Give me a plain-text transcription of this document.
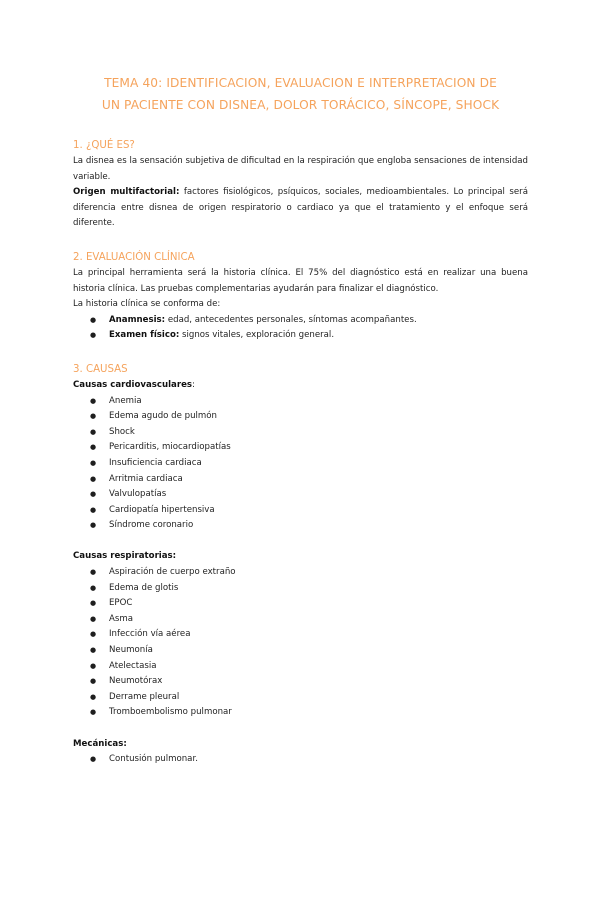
TEMA 40: IDENTIFICACION, EVALUACION E INTERPRETACION DE
UN PACIENTE CON DISNEA, DOLOR TORÁCICO, SÍNCOPE, SHOCK
1. ¿QUÉ ES?

La disnea es la sensación subjetiva de dificultad en la respiración que engloba sensaciones de intensidad variable.

Origen multifactorial: factores fisiológicos, psíquicos, sociales, medioambientales. Lo principal será diferencia entre disnea de origen respiratorio o cardiaco ya que el tratamiento y el enfoque será diferente.

2. EVALUACIÓN CLÍNICA

La principal herramienta será la historia clínica. El 75% del diagnóstico está en realizar una buena historia clínica. Las pruebas complementarias ayudarán para finalizar el diagnóstico.

La historia clínica se conforma de:

● Anamnesis: edad, antecedentes personales, síntomas acompañantes.
● Examen físico: signos vitales, exploración general.
3. CAUSAS

Causas cardiovasculares:

● Anemia
● Edema agudo de pulmón
● Shock
● Pericarditis, miocardiopatías
● Insuficiencia cardiaca
● Arritmia cardiaca
● Valvulopatías
● Cardiopatía hipertensiva
● Síndrome coronario

Causas respiratorias:

● Aspiración de cuerpo extraño
● Edema de glotis
● EPOC
● Asma
● Infección vía aérea
● Neumonía
● Atelectasia
● Neumotórax
● Derrame pleural
● Tromboembolismo pulmonar

Mecánicas:

● Contusión pulmonar.
